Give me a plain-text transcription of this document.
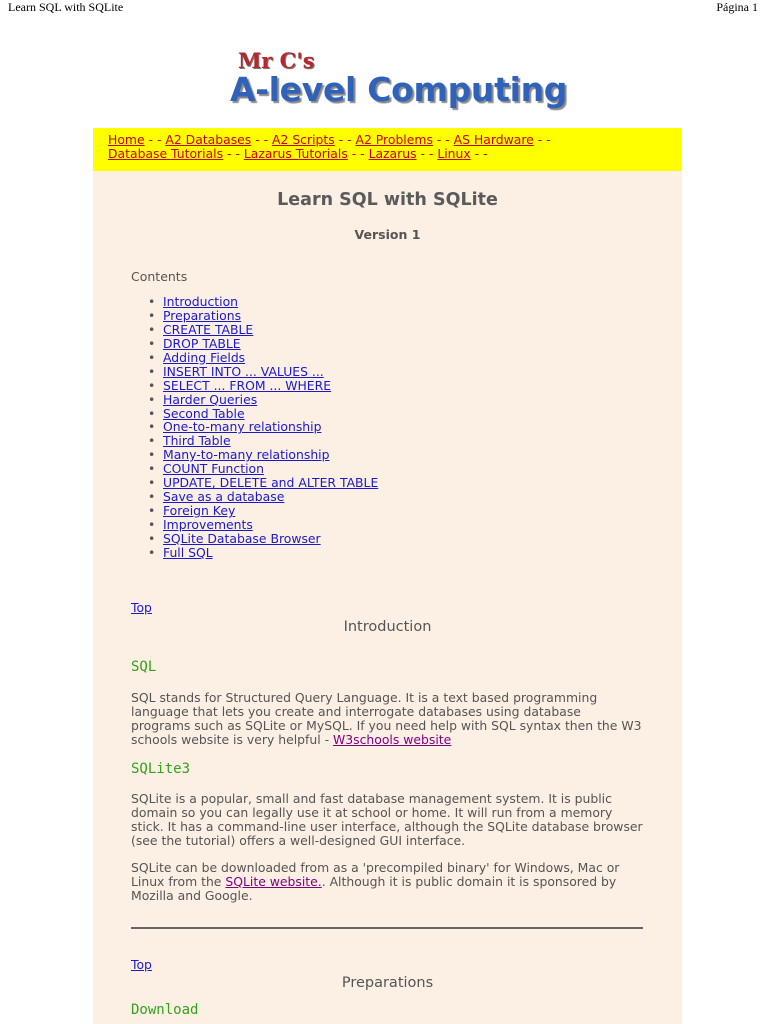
Learn SQL with SQLite	Página 1
Mr C's
A-level Computing
Home - - A2 Databases - - A2 Scripts - - A2 Problems - - AS Hardware - -
Database Tutorials - - Lazarus Tutorials - - Lazarus - - Linux - -
Learn SQL with SQLite
Version 1
Contents
• Introduction
• Preparations
• CREATE TABLE
• DROP TABLE
• Adding Fields
• INSERT INTO ... VALUES ...
• SELECT ... FROM ... WHERE
• Harder Queries
• Second Table
• One-to-many relationship
• Third Table
• Many-to-many relationship
• COUNT Function
• UPDATE, DELETE and ALTER TABLE
• Save as a database
• Foreign Key
• Improvements
• SQLite Database Browser
• Full SQL
Top
Introduction
SQL

SQL stands for Structured Query Language. It is a text based programming language that lets you create and interrogate databases using database programs such as SQLite or MySQL. If you need help with SQL syntax then the W3 schools website is very helpful - W3schools website

SQLite3

SQLite is a popular, small and fast database management system. It is public domain so you can legally use it at school or home. It will run from a memory stick. It has a command-line user interface, although the SQLite database browser (see the tutorial) offers a well-designed GUI interface.

SQLite can be downloaded from as a 'precompiled binary' for Windows, Mac or Linux from the SQLite website.. Although it is public domain it is sponsored by Mozilla and Google.

Top
Preparations
Download
